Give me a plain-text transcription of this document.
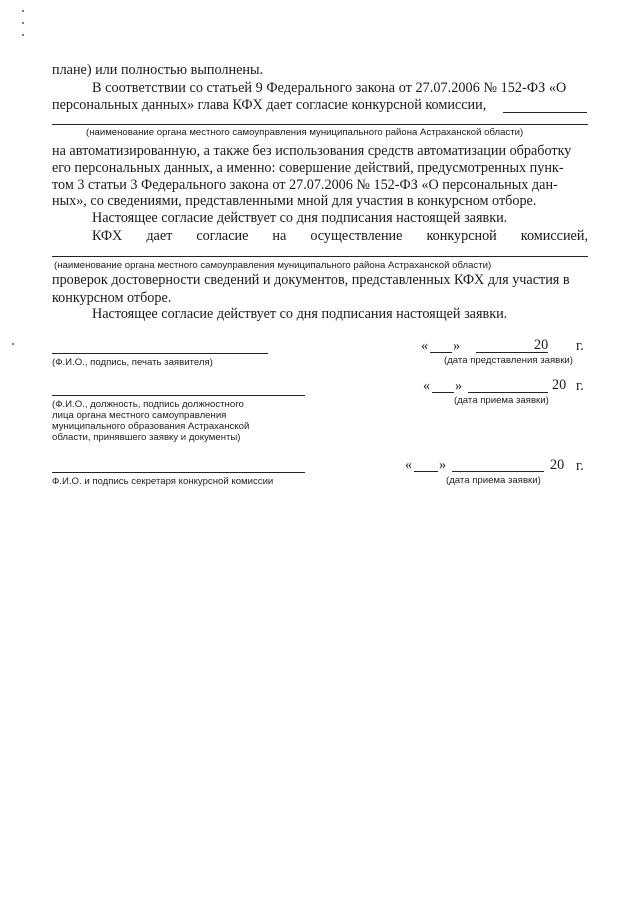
плане) или полностью выполнены.
В соответствии со статьей 9 Федерального закона от 27.07.2006 № 152-ФЗ «О
персональных данных» глава КФХ дает согласие конкурсной комиссии,
(наименование органа местного самоуправления муниципального района Астраханской области)
на автоматизированную, а также без использования средств автоматизации обработку
его персональных данных, а именно: совершение действий, предусмотренных пунк-
том 3 статьи 3 Федерального закона от 27.07.2006 № 152-ФЗ «О персональных дан-
ных», со сведениями, представленными мной для участия в конкурсном отборе.
Настоящее согласие действует со дня подписания настоящей заявки.
КФХ дает согласие на осуществление конкурсной комиссией,
(наименование органа местного самоуправления муниципального района Астраханской области)
проверок достоверности сведений и документов, представленных КФХ для участия в
конкурсном отборе.
Настоящее согласие действует со дня подписания настоящей заявки.
(Ф.И.О., подпись, печать заявителя)
« »	20 г.
(дата представления заявки)
(Ф.И.О., должность, подпись должностного
лица органа местного самоуправления
муниципального образования Астраханской
области, принявшего заявку и документы)
« »	20 г.
(дата приема заявки)
Ф.И.О. и подпись секретаря конкурсной комиссии
« »	20 г.
(дата приема заявки)
